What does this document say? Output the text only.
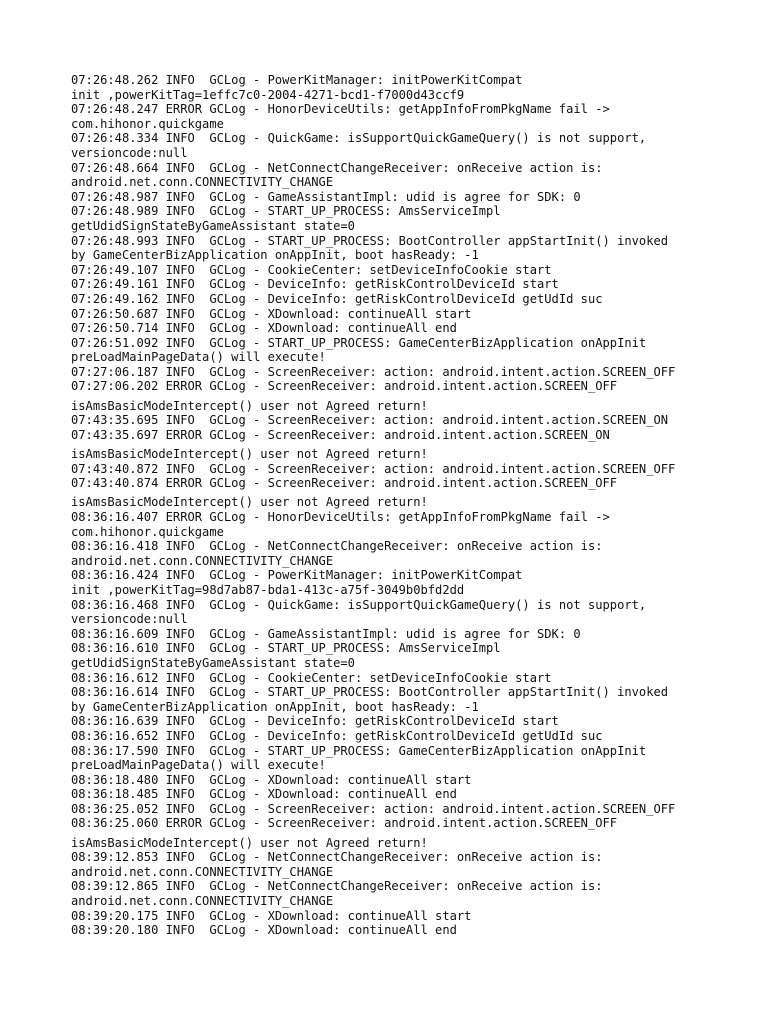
07:26:48.262 INFO  GCLog - PowerKitManager: initPowerKitCompat
init ,powerKitTag=1effc7c0-2004-4271-bcd1-f7000d43ccf9
07:26:48.247 ERROR GCLog - HonorDeviceUtils: getAppInfoFromPkgName fail ->
com.hihonor.quickgame
07:26:48.334 INFO  GCLog - QuickGame: isSupportQuickGameQuery() is not support,
versioncode:null
07:26:48.664 INFO  GCLog - NetConnectChangeReceiver: onReceive action is:
android.net.conn.CONNECTIVITY_CHANGE
07:26:48.987 INFO  GCLog - GameAssistantImpl: udid is agree for SDK: 0
07:26:48.989 INFO  GCLog - START_UP_PROCESS: AmsServiceImpl
getUdidSignStateByGameAssistant state=0
07:26:48.993 INFO  GCLog - START_UP_PROCESS: BootController appStartInit() invoked
by GameCenterBizApplication onAppInit, boot hasReady: -1
07:26:49.107 INFO  GCLog - CookieCenter: setDeviceInfoCookie start
07:26:49.161 INFO  GCLog - DeviceInfo: getRiskControlDeviceId start
07:26:49.162 INFO  GCLog - DeviceInfo: getRiskControlDeviceId getUdId suc
07:26:50.687 INFO  GCLog - XDownload: continueAll start
07:26:50.714 INFO  GCLog - XDownload: continueAll end
07:26:51.092 INFO  GCLog - START_UP_PROCESS: GameCenterBizApplication onAppInit
preLoadMainPageData() will execute!
07:27:06.187 INFO  GCLog - ScreenReceiver: action: android.intent.action.SCREEN_OFF
07:27:06.202 ERROR GCLog - ScreenReceiver: android.intent.action.SCREEN_OFF
isAmsBasicModeIntercept() user not Agreed return!
07:43:35.695 INFO  GCLog - ScreenReceiver: action: android.intent.action.SCREEN_ON
07:43:35.697 ERROR GCLog - ScreenReceiver: android.intent.action.SCREEN_ON
isAmsBasicModeIntercept() user not Agreed return!
07:43:40.872 INFO  GCLog - ScreenReceiver: action: android.intent.action.SCREEN_OFF
07:43:40.874 ERROR GCLog - ScreenReceiver: android.intent.action.SCREEN_OFF
isAmsBasicModeIntercept() user not Agreed return!
08:36:16.407 ERROR GCLog - HonorDeviceUtils: getAppInfoFromPkgName fail ->
com.hihonor.quickgame
08:36:16.418 INFO  GCLog - NetConnectChangeReceiver: onReceive action is:
android.net.conn.CONNECTIVITY_CHANGE
08:36:16.424 INFO  GCLog - PowerKitManager: initPowerKitCompat
init ,powerKitTag=98d7ab87-bda1-413c-a75f-3049b0bfd2dd
08:36:16.468 INFO  GCLog - QuickGame: isSupportQuickGameQuery() is not support,
versioncode:null
08:36:16.609 INFO  GCLog - GameAssistantImpl: udid is agree for SDK: 0
08:36:16.610 INFO  GCLog - START_UP_PROCESS: AmsServiceImpl
getUdidSignStateByGameAssistant state=0
08:36:16.612 INFO  GCLog - CookieCenter: setDeviceInfoCookie start
08:36:16.614 INFO  GCLog - START_UP_PROCESS: BootController appStartInit() invoked
by GameCenterBizApplication onAppInit, boot hasReady: -1
08:36:16.639 INFO  GCLog - DeviceInfo: getRiskControlDeviceId start
08:36:16.652 INFO  GCLog - DeviceInfo: getRiskControlDeviceId getUdId suc
08:36:17.590 INFO  GCLog - START_UP_PROCESS: GameCenterBizApplication onAppInit
preLoadMainPageData() will execute!
08:36:18.480 INFO  GCLog - XDownload: continueAll start
08:36:18.485 INFO  GCLog - XDownload: continueAll end
08:36:25.052 INFO  GCLog - ScreenReceiver: action: android.intent.action.SCREEN_OFF
08:36:25.060 ERROR GCLog - ScreenReceiver: android.intent.action.SCREEN_OFF
isAmsBasicModeIntercept() user not Agreed return!
08:39:12.853 INFO  GCLog - NetConnectChangeReceiver: onReceive action is:
android.net.conn.CONNECTIVITY_CHANGE
08:39:12.865 INFO  GCLog - NetConnectChangeReceiver: onReceive action is:
android.net.conn.CONNECTIVITY_CHANGE
08:39:20.175 INFO  GCLog - XDownload: continueAll start
08:39:20.180 INFO  GCLog - XDownload: continueAll end
